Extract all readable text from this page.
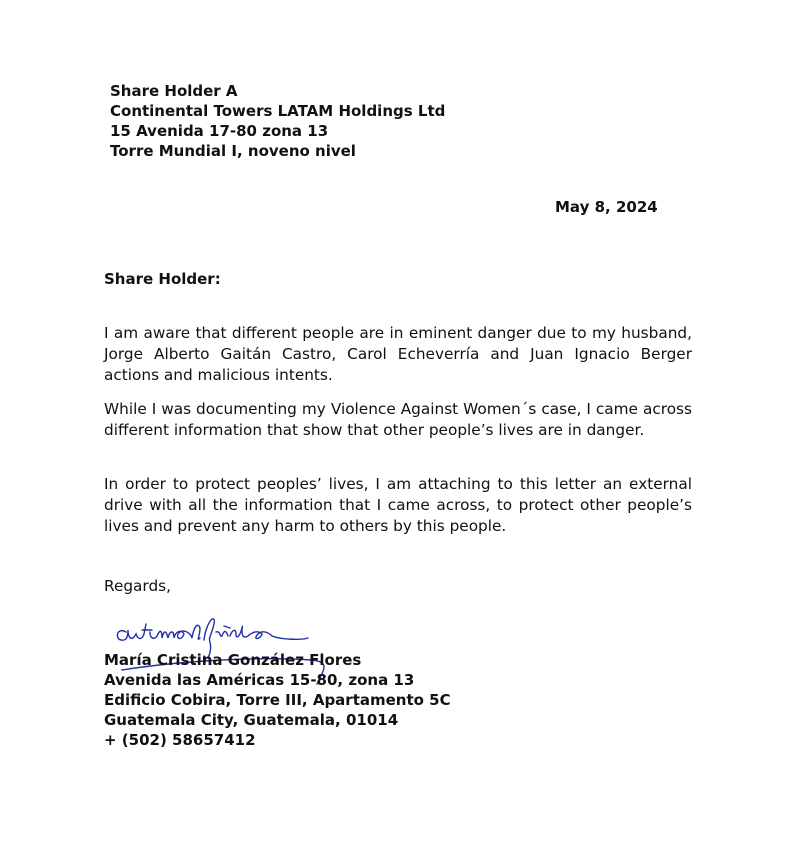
Share Holder A
Continental Towers LATAM Holdings Ltd
15 Avenida 17-80 zona 13
Torre Mundial I, noveno nivel
May 8, 2024
Share Holder:
I am aware that different people are in eminent danger due to my husband, Jorge Alberto Gaitán Castro, Carol Echeverría and Juan Ignacio Berger actions and malicious intents.
While I was documenting my Violence Against Women´s case, I came across different information that show that other people’s lives are in danger.
In order to protect peoples’ lives, I am attaching to this letter an external drive with all the information that I came across, to protect other people’s lives and prevent any harm to others by this people.
Regards,
María Cristina González Flores
Avenida las Américas 15-80, zona 13
Edificio Cobira, Torre III, Apartamento 5C
Guatemala City, Guatemala, 01014
+ (502) 58657412
